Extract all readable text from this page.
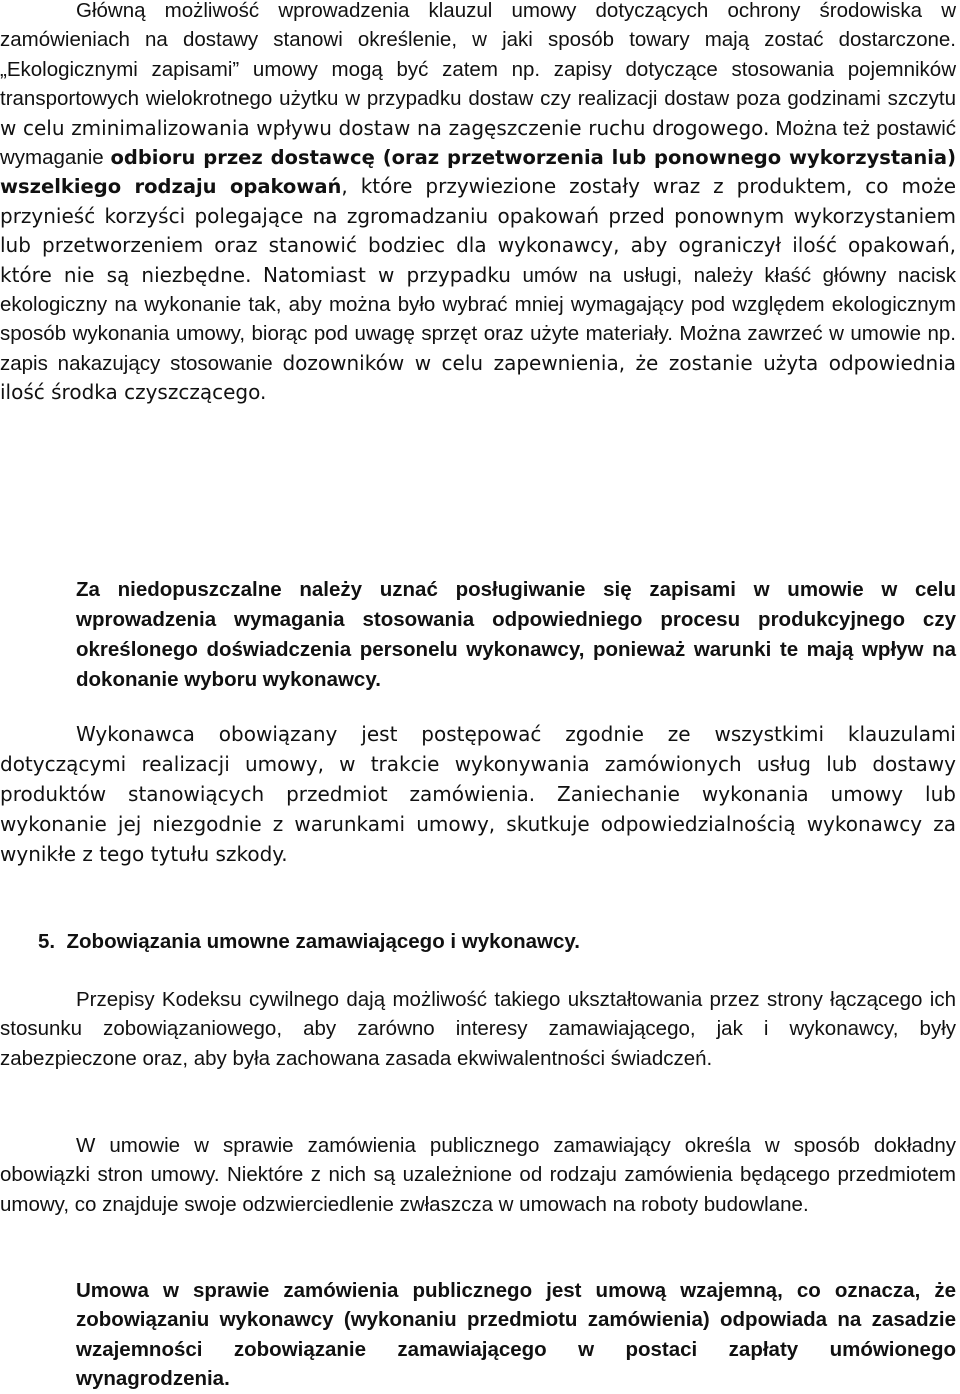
Główną możliwość wprowadzenia klauzul umowy dotyczących ochrony środowiska w zamówieniach na dostawy stanowi określenie, w jaki sposób towary mają zostać dostarczone. „Ekologicznymi zapisami” umowy mogą być zatem np. zapisy dotyczące stosowania pojemników transportowych wielokrotnego użytku w przypadku dostaw czy realizacji dostaw poza godzinami szczytu w celu zminimalizowania wpływu dostaw na zagęszczenie ruchu drogowego. Można też postawić wymaganie odbioru przez dostawcę (oraz przetworzenia lub ponownego wykorzystania) wszelkiego rodzaju opakowań, które przywiezione zostały wraz z produktem, co może przynieść korzyści polegające na zgromadzaniu opakowań przed ponownym wykorzystaniem lub przetworzeniem oraz stanowić bodziec dla wykonawcy, aby ograniczył ilość opakowań, które nie są niezbędne. Natomiast w przypadku umów na usługi, należy kłaść główny nacisk ekologiczny na wykonanie tak, aby można było wybrać mniej wymagający pod względem ekologicznym sposób wykonania umowy, biorąc pod uwagę sprzęt oraz użyte materiały. Można zawrzeć w umowie np. zapis nakazujący stosowanie dozowników w celu zapewnienia, że zostanie użyta odpowiednia ilość środka czyszczącego.

Za niedopuszczalne należy uznać posługiwanie się zapisami w umowie w celu wprowadzenia wymagania stosowania odpowiedniego procesu produkcyjnego czy określonego doświadczenia personelu wykonawcy, ponieważ warunki te mają wpływ na dokonanie wyboru wykonawcy.

Wykonawca obowiązany jest postępować zgodnie ze wszystkimi klauzulami dotyczącymi realizacji umowy, w trakcie wykonywania zamówionych usług lub dostawy produktów stanowiących przedmiot zamówienia. Zaniechanie wykonania umowy lub wykonanie jej niezgodnie z warunkami umowy, skutkuje odpowiedzialnością wykonawcy za wynikłe z tego tytułu szkody.

5. Zobowiązania umowne zamawiającego i wykonawcy.

Przepisy Kodeksu cywilnego dają możliwość takiego ukształtowania przez strony łączącego ich stosunku zobowiązaniowego, aby zarówno interesy zamawiającego, jak i wykonawcy, były zabezpieczone oraz, aby była zachowana zasada ekwiwalentności świadczeń.

W umowie w sprawie zamówienia publicznego zamawiający określa w sposób dokładny obowiązki stron umowy. Niektóre z nich są uzależnione od rodzaju zamówienia będącego przedmiotem umowy, co znajduje swoje odzwierciedlenie zwłaszcza w umowach na roboty budowlane.

Umowa w sprawie zamówienia publicznego jest umową wzajemną, co oznacza, że zobowiązaniu wykonawcy (wykonaniu przedmiotu zamówienia) odpowiada na zasadzie wzajemności zobowiązanie zamawiającego w postaci zapłaty umówionego wynagrodzenia.
